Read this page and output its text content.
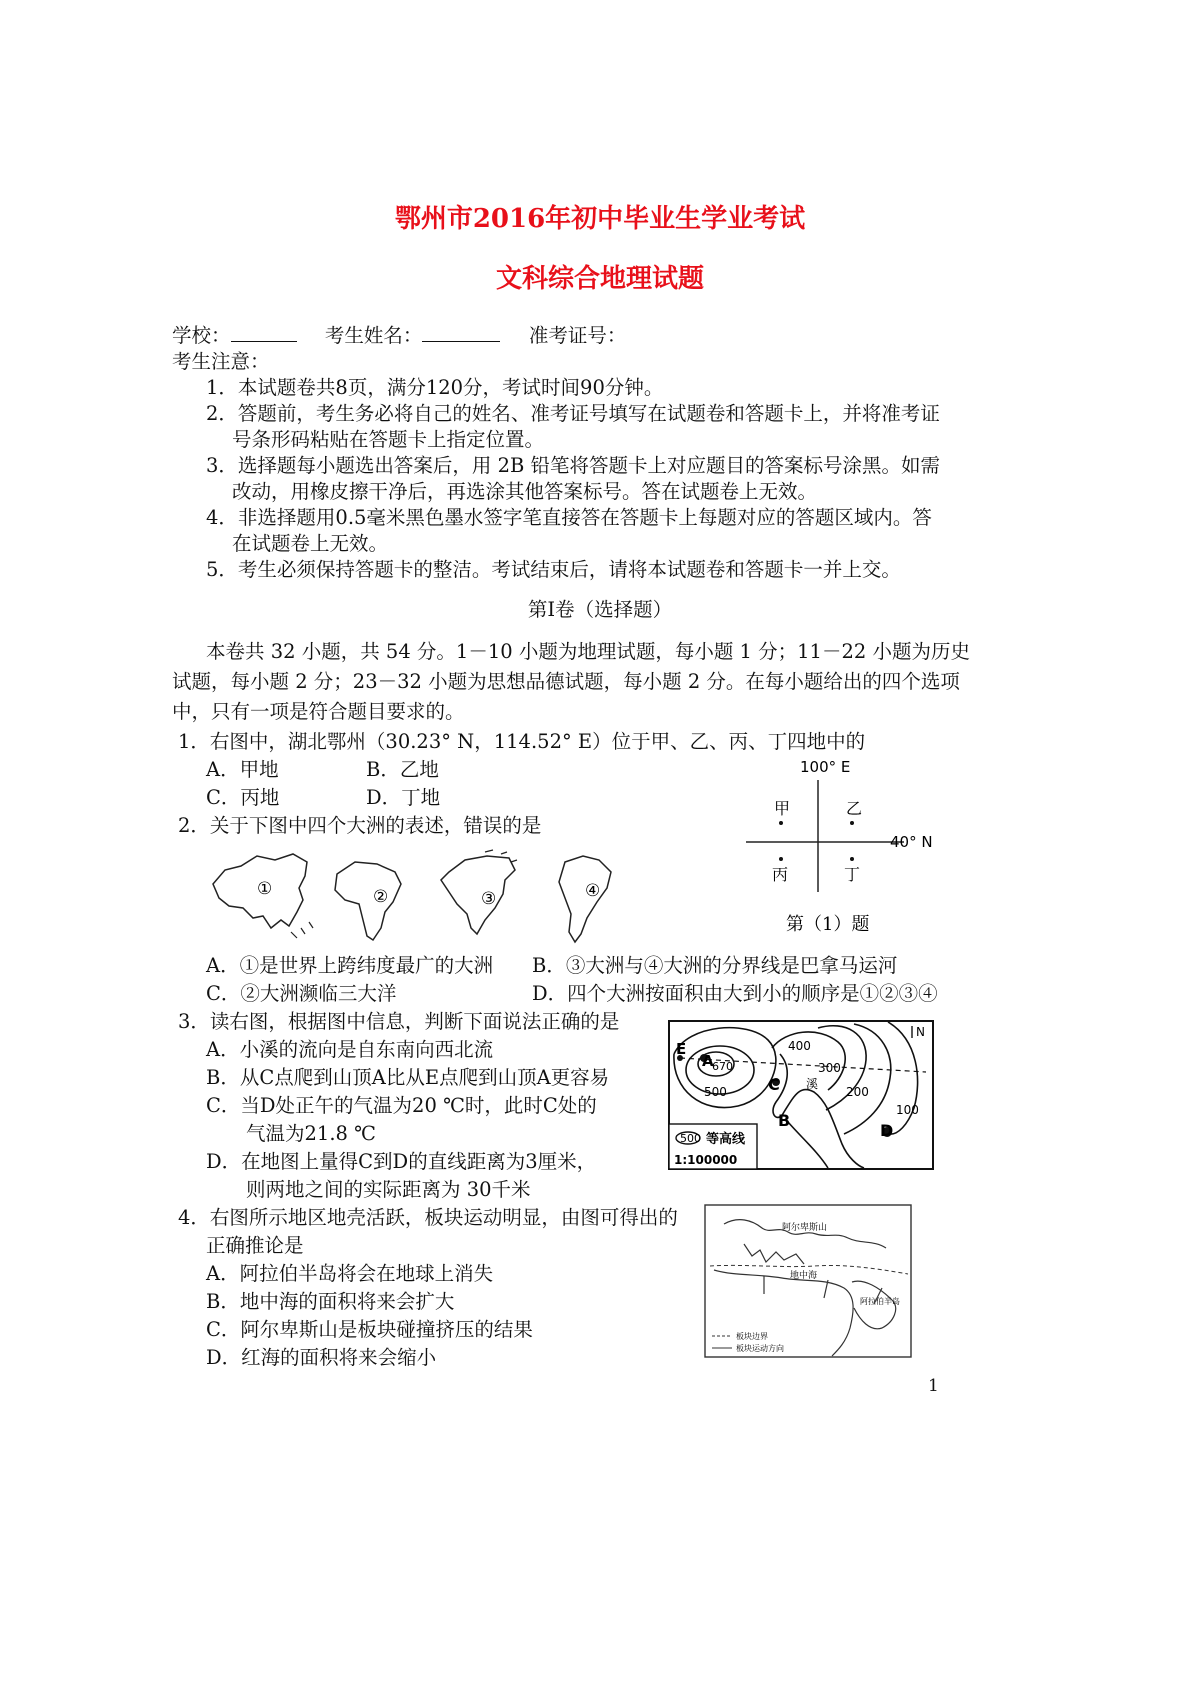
鄂州市2016年初中毕业生学业考试
文科综合地理试题
学校：	考生姓名：	准考证号：
考生注意：
1．本试题卷共8页，满分120分，考试时间90分钟。
2．答题前，考生务必将自己的姓名、准考证号填写在试题卷和答题卡上，并将准考证
号条形码粘贴在答题卡上指定位置。
3．选择题每小题选出答案后，用 2B 铅笔将答题卡上对应题目的答案标号涂黑。如需
改动，用橡皮擦干净后，再选涂其他答案标号。答在试题卷上无效。
4．非选择题用0.5毫米黑色墨水签字笔直接答在答题卡上每题对应的答题区域内。答
在试题卷上无效。
5．考生必须保持答题卡的整洁。考试结束后，请将本试题卷和答题卡一并上交。
第Ⅰ卷（选择题）
本卷共 32 小题，共 54 分。1－10 小题为地理试题，每小题 1 分；11－22 小题为历史
试题，每小题 2 分；23－32 小题为思想品德试题，每小题 2 分。在每小题给出的四个选项
中，只有一项是符合题目要求的。
1．右图中，湖北鄂州（30.23° N，114.52° E）位于甲、乙、丙、丁四地中的
A．甲地	B．乙地
C．丙地	D．丁地
100° E
40° N
甲	乙
丙	丁
第（1）题
2．关于下图中四个大洲的表述，错误的是
①	②	③	④
A．①是世界上跨纬度最广的大洲 B．③大洲与④大洲的分界线是巴拿马运河
C．②大洲濒临三大洋	D．四个大洲按面积由大到小的顺序是①②③④
3．读右图，根据图中信息，判断下面说法正确的是
A．小溪的流向是自东南向西北流
B．从C点爬到山顶A比从E点爬到山顶A更容易
C．当D处正午的气温为20 ℃时，此时C处的
气温为21.8 ℃
D．在地图上量得C到D的直线距离为3厘米，
则两地之间的实际距离为 30千米
E
A
670
500
400
300
200
100
C
B
D
溪
N
500 等高线
1:100000
4．右图所示地区地壳活跃，板块运动明显，由图可得出的
正确推论是
A．阿拉伯半岛将会在地球上消失
B．地中海的面积将来会扩大
C．阿尔卑斯山是板块碰撞挤压的结果
D．红海的面积将来会缩小
阿尔卑斯山
地中海
阿拉伯半岛
板块边界
板块运动方向
1
